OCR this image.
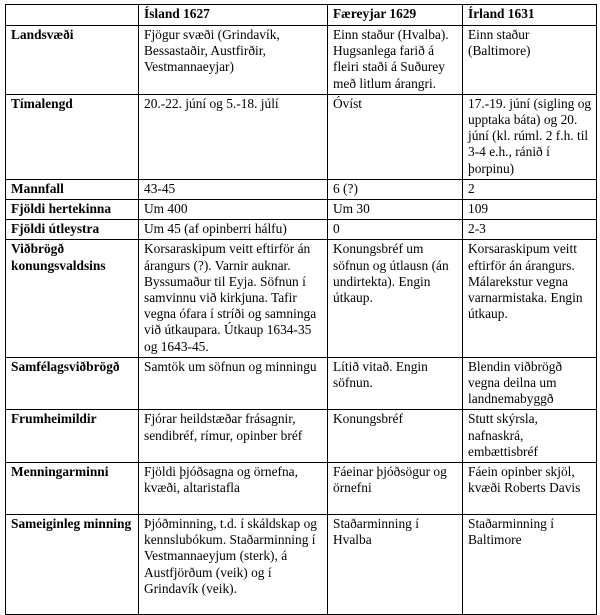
	Ísland 1627	Færeyjar 1629	Írland 1631
Landsvæði	Fjögur svæði (Grindavík, Bessastaðir, Austfirðir, Vestmannaeyjar)	Einn staður (Hvalba). Hugsanlega farið á fleiri staði á Suðurey með litlum árangri.	Einn staður (Baltimore)
Tímalengd	20.-22. júní og 5.-18. júlí	Óvíst	17.-19. júní (sigling og upptaka báta) og 20. júní (kl. rúml. 2 f.h. til 3-4 e.h., ránið í þorpinu)
Mannfall	43-45	6 (?)	2
Fjöldi hertekinna	Um 400	Um 30	109
Fjöldi útleystra	Um 45 (af opinberri hálfu)	0	2-3
Viðbrögð konungsvaldsins	Korsaraskipum veitt eftirför án árangurs (?). Varnir auknar. Byssumaður til Eyja. Söfnun í samvinnu við kirkjuna. Tafir vegna ófara í stríði og samninga við útkaupara. Útkaup 1634-35 og 1643-45.	Konungsbréf um söfnun og útlausn (án undirtekta). Engin útkaup.	Korsaraskipum veitt eftirför án árangurs. Málarekstur vegna varnarmistaka. Engin útkaup.
Samfélagsviðbrögð	Samtök um söfnun og minningu	Lítið vitað. Engin söfnun.	Blendin viðbrögð vegna deilna um landnemabyggð
Frumheimildir	Fjórar heildstæðar frásagnir, sendibréf, rímur, opinber bréf	Konungsbréf	Stutt skýrsla, nafnaskrá, embættisbréf
Menningarminni	Fjöldi þjóðsagna og örnefna, kvæði, altaristafla	Fáeinar þjóðsögur og örnefni	Fáein opinber skjöl, kvæði Roberts Davis
Sameiginleg minning	Þjóðminning, t.d. í skáldskap og kennslubókum. Staðarminning í Vestmannaeyjum (sterk), á Austfjörðum (veik) og í Grindavík (veik).	Staðarminning í Hvalba	Staðarminning í Baltimore
